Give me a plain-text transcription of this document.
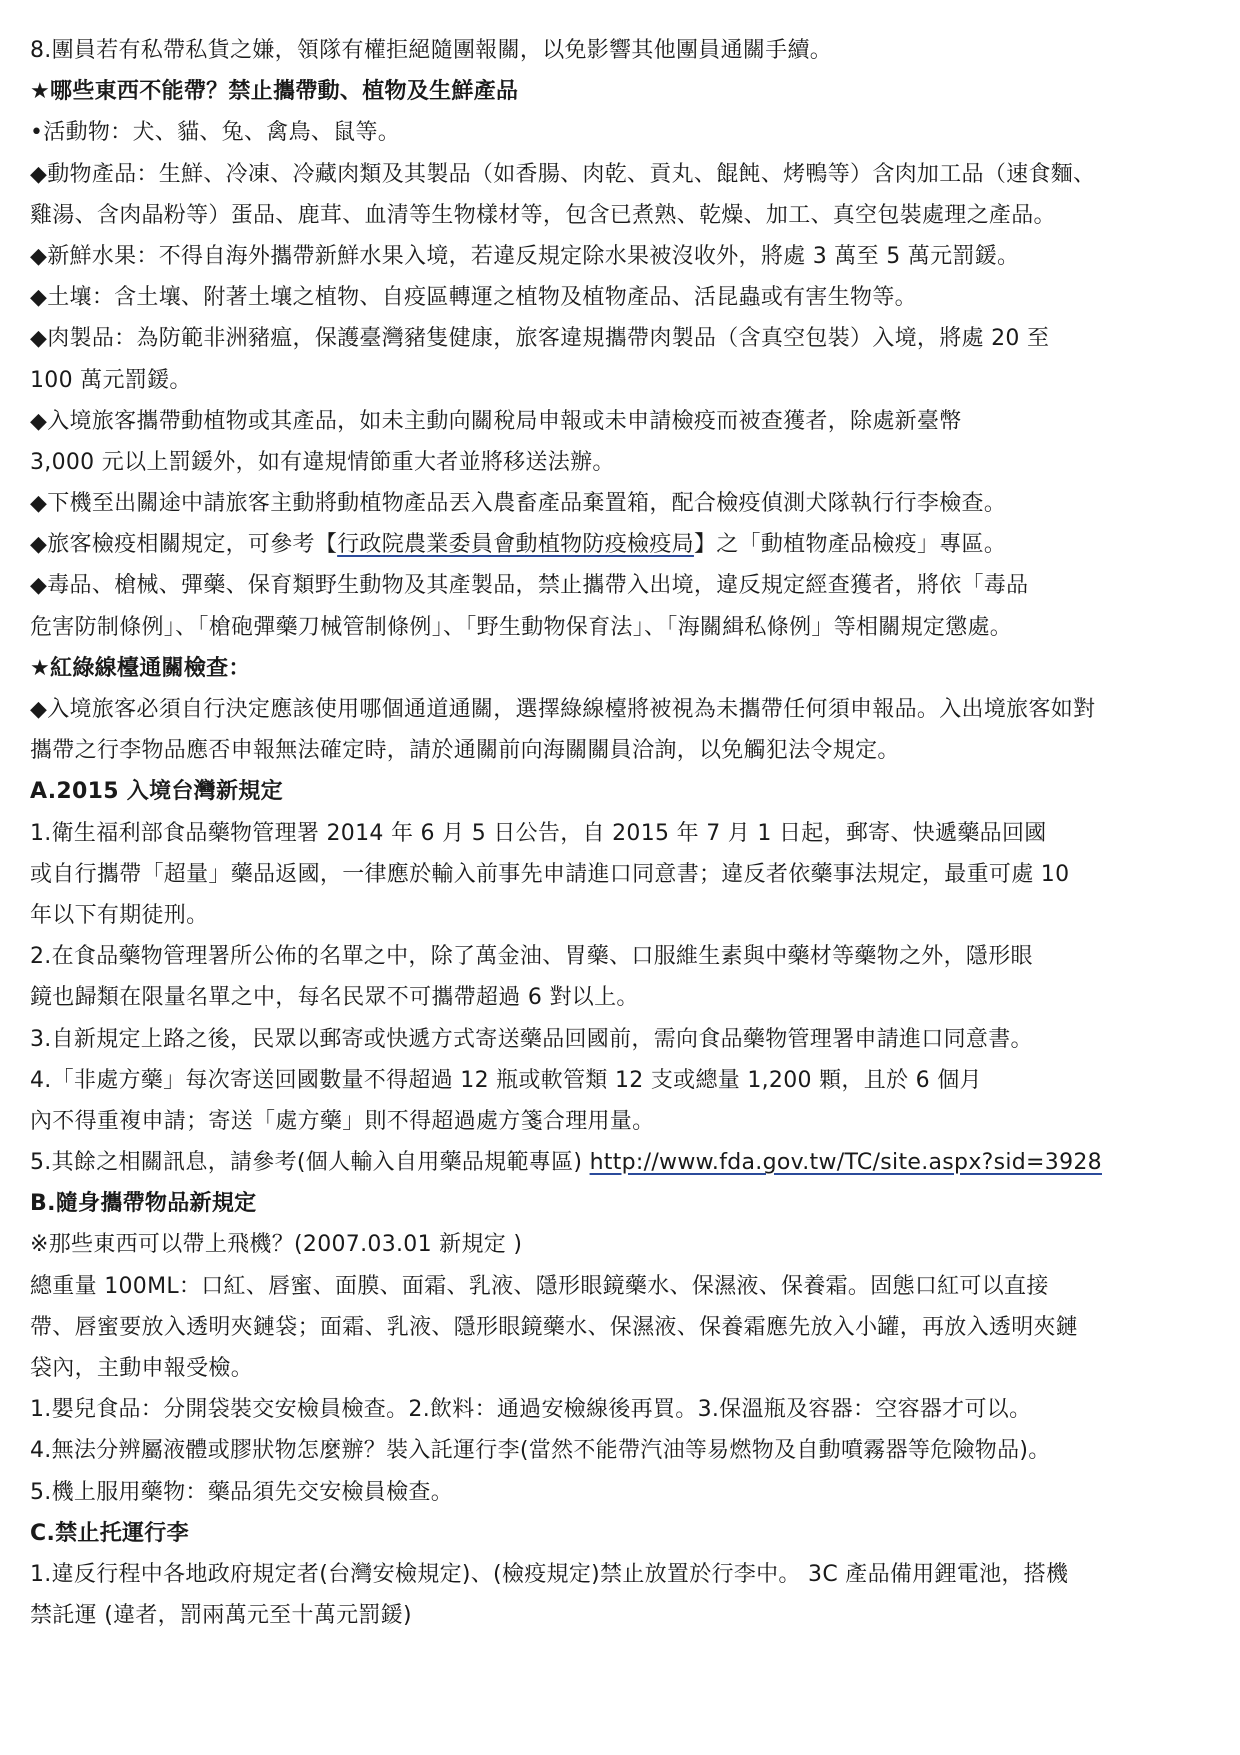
8.團員若有私帶私貨之嫌，領隊有權拒絕隨團報關，以免影響其他團員通關手續。
★哪些東西不能帶？禁止攜帶動、植物及生鮮產品
•活動物：犬、貓、兔、禽鳥、鼠等。
◆動物產品：生鮮、冷凍、冷藏肉類及其製品（如香腸、肉乾、貢丸、餛飩、烤鴨等）含肉加工品（速食麵、
雞湯、含肉晶粉等）蛋品、鹿茸、血清等生物樣材等，包含已煮熟、乾燥、加工、真空包裝處理之產品。
◆新鮮水果：不得自海外攜帶新鮮水果入境，若違反規定除水果被沒收外，將處 3 萬至 5 萬元罰鍰。
◆土壤：含土壤、附著土壤之植物、自疫區轉運之植物及植物產品、活昆蟲或有害生物等。
◆肉製品：為防範非洲豬瘟，保護臺灣豬隻健康，旅客違規攜帶肉製品（含真空包裝）入境，將處 20 至
100 萬元罰鍰。
◆入境旅客攜帶動植物或其產品，如未主動向關稅局申報或未申請檢疫而被查獲者，除處新臺幣
3,000 元以上罰鍰外，如有違規情節重大者並將移送法辦。
◆下機至出關途中請旅客主動將動植物產品丟入農畜產品棄置箱，配合檢疫偵測犬隊執行行李檢查。
◆旅客檢疫相關規定，可參考【行政院農業委員會動植物防疫檢疫局】之「動植物產品檢疫」專區。
◆毒品、槍械、彈藥、保育類野生動物及其產製品，禁止攜帶入出境，違反規定經查獲者，將依「毒品
危害防制條例」、「槍砲彈藥刀械管制條例」、「野生動物保育法」、「海關緝私條例」等相關規定懲處。
★紅綠線檯通關檢查：
◆入境旅客必須自行決定應該使用哪個通道通關，選擇綠線檯將被視為未攜帶任何須申報品。入出境旅客如對
攜帶之行李物品應否申報無法確定時，請於通關前向海關關員洽詢，以免觸犯法令規定。
A.2015 入境台灣新規定
1.衛生福利部食品藥物管理署 2014 年 6 月 5 日公告，自 2015 年 7 月 1 日起，郵寄、快遞藥品回國
或自行攜帶「超量」藥品返國，一律應於輸入前事先申請進口同意書；違反者依藥事法規定，最重可處 10
年以下有期徒刑。
2.在食品藥物管理署所公佈的名單之中，除了萬金油、胃藥、口服維生素與中藥材等藥物之外，隱形眼
鏡也歸類在限量名單之中，每名民眾不可攜帶超過 6 對以上。
3.自新規定上路之後，民眾以郵寄或快遞方式寄送藥品回國前，需向食品藥物管理署申請進口同意書。
4.「非處方藥」每次寄送回國數量不得超過 12 瓶或軟管類 12 支或總量 1,200 顆，且於 6 個月
內不得重複申請；寄送「處方藥」則不得超過處方箋合理用量。
5.其餘之相關訊息，請參考(個人輸入自用藥品規範專區) http://www.fda.gov.tw/TC/site.aspx?sid=3928
B.隨身攜帶物品新規定
※那些東西可以帶上飛機？(2007.03.01 新規定 )
總重量 100ML：口紅、唇蜜、面膜、面霜、乳液、隱形眼鏡藥水、保濕液、保養霜。固態口紅可以直接
帶、唇蜜要放入透明夾鏈袋；面霜、乳液、隱形眼鏡藥水、保濕液、保養霜應先放入小罐，再放入透明夾鏈
袋內，主動申報受檢。
1.嬰兒食品：分開袋裝交安檢員檢查。2.飲料：通過安檢線後再買。3.保溫瓶及容器：空容器才可以。
4.無法分辨屬液體或膠狀物怎麼辦？裝入託運行李(當然不能帶汽油等易燃物及自動噴霧器等危險物品)。
5.機上服用藥物：藥品須先交安檢員檢查。
C.禁止托運行李
1.違反行程中各地政府規定者(台灣安檢規定)、(檢疫規定)禁止放置於行李中。 3C 產品備用鋰電池，搭機
禁託運 (違者，罰兩萬元至十萬元罰鍰)
